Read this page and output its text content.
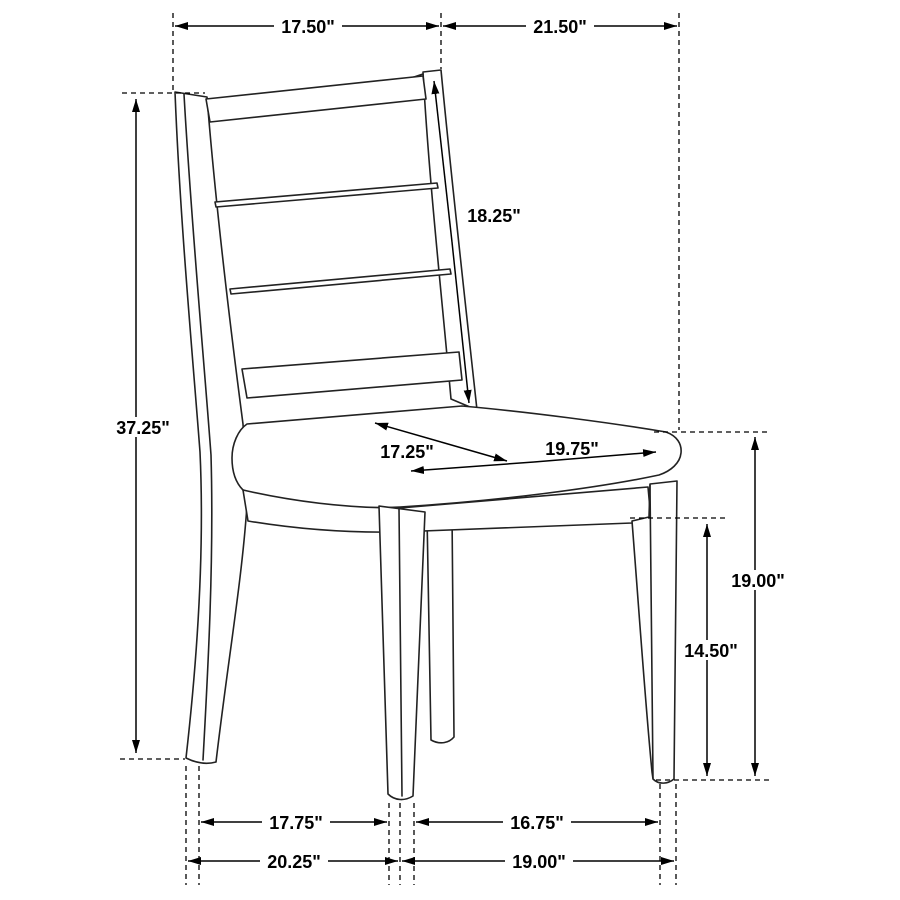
17.50"	21.50"
37.25"
18.25"
17.25"	19.75"
19.00"
14.50"
17.75"	16.75"
20.25"	19.00"
